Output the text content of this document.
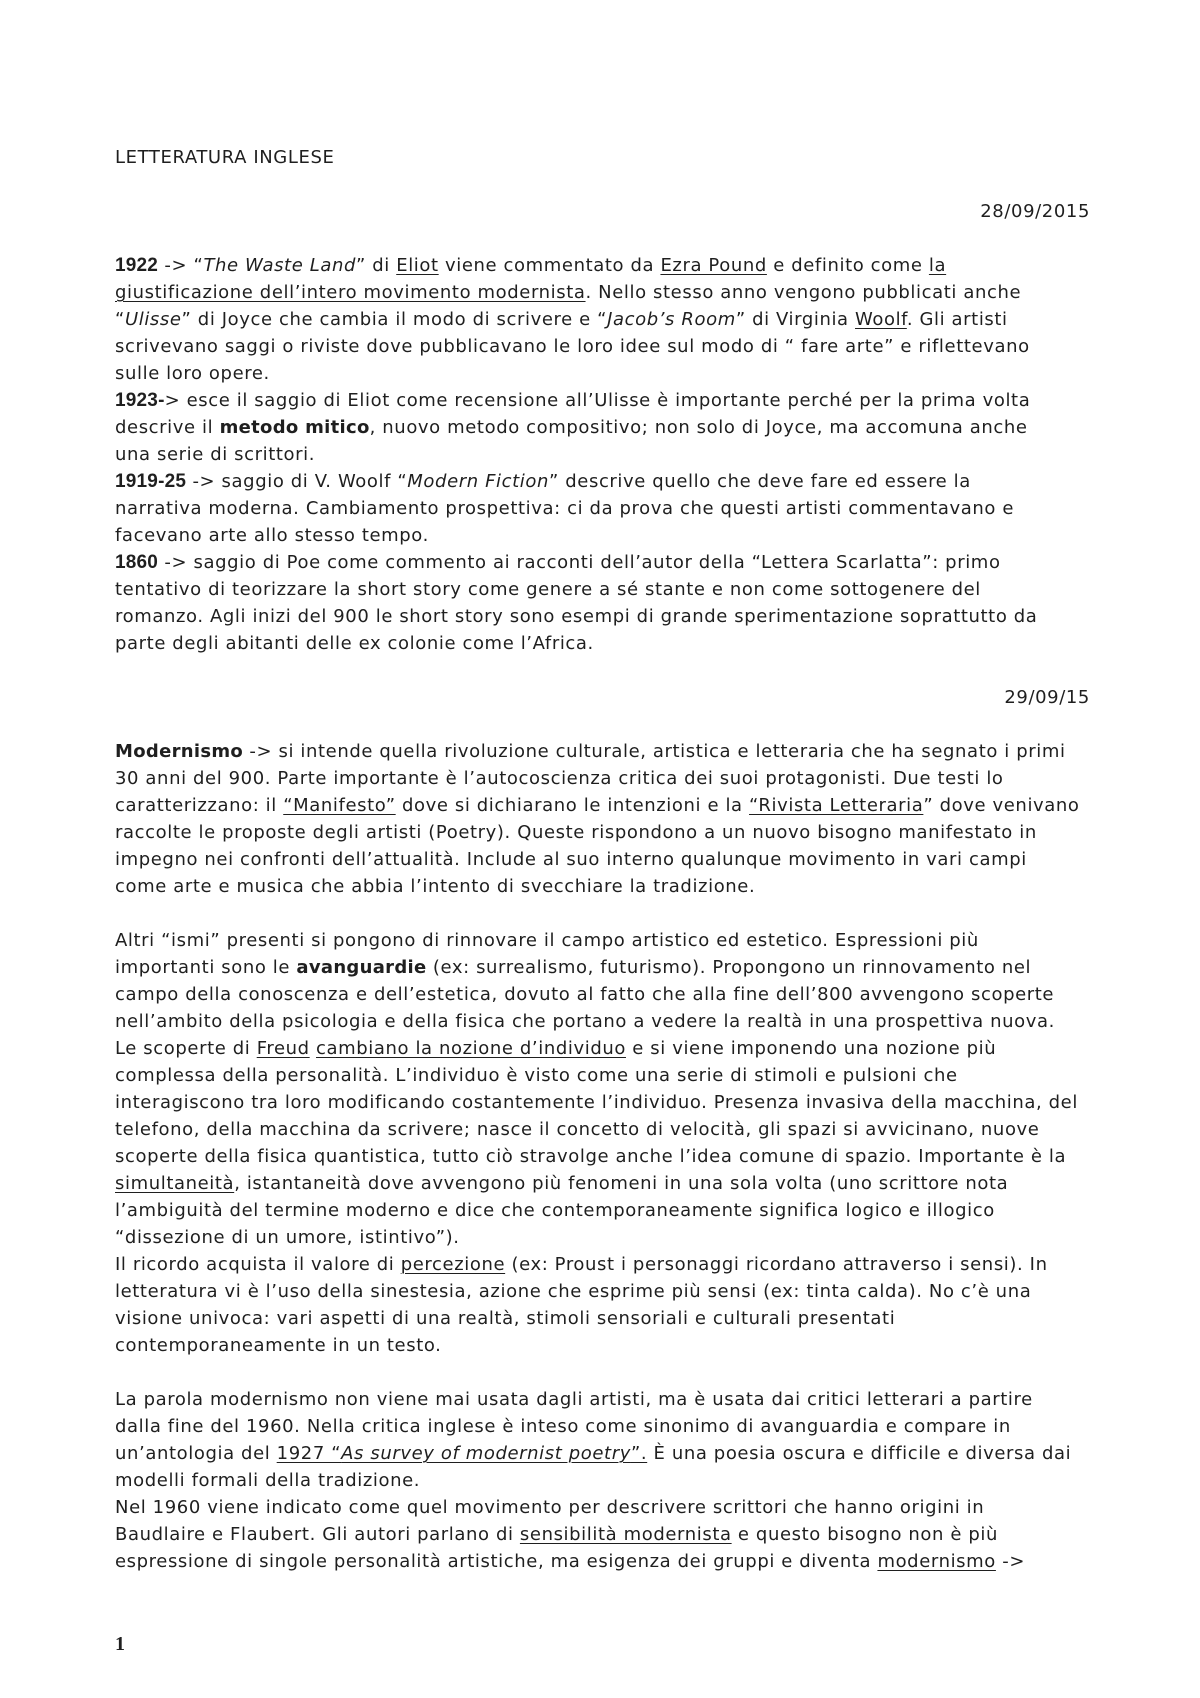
LETTERATURA INGLESE
28/09/2015
1922 -> “The Waste Land” di Eliot viene commentato da Ezra Pound e definito come la
giustificazione dell’intero movimento modernista. Nello stesso anno vengono pubblicati anche
“Ulisse” di Joyce che cambia il modo di scrivere e “Jacob’s Room” di Virginia Woolf. Gli artisti
scrivevano saggi o riviste dove pubblicavano le loro idee sul modo di “ fare arte” e riflettevano
sulle loro opere.
1923-> esce il saggio di Eliot come recensione all’Ulisse è importante perché per la prima volta
descrive il metodo mitico, nuovo metodo compositivo; non solo di Joyce, ma accomuna anche
una serie di scrittori.
1919-25 -> saggio di V. Woolf “Modern Fiction” descrive quello che deve fare ed essere la
narrativa moderna. Cambiamento prospettiva: ci da prova che questi artisti commentavano e
facevano arte allo stesso tempo.
1860 -> saggio di Poe come commento ai racconti dell’autor della “Lettera Scarlatta”: primo
tentativo di teorizzare la short story come genere a sé stante e non come sottogenere del
romanzo. Agli inizi del 900 le short story sono esempi di grande sperimentazione soprattutto da
parte degli abitanti delle ex colonie come l’Africa.
29/09/15
Modernismo -> si intende quella rivoluzione culturale, artistica e letteraria che ha segnato i primi
30 anni del 900. Parte importante è l’autocoscienza critica dei suoi protagonisti. Due testi lo
caratterizzano: il “Manifesto” dove si dichiarano le intenzioni e la “Rivista Letteraria” dove venivano
raccolte le proposte degli artisti (Poetry). Queste rispondono a un nuovo bisogno manifestato in
impegno nei confronti dell’attualità. Include al suo interno qualunque movimento in vari campi
come arte e musica che abbia l’intento di svecchiare la tradizione.
Altri “ismi” presenti si pongono di rinnovare il campo artistico ed estetico. Espressioni più
importanti sono le avanguardie (ex: surrealismo, futurismo). Propongono un rinnovamento nel
campo della conoscenza e dell’estetica, dovuto al fatto che alla fine dell’800 avvengono scoperte
nell’ambito della psicologia e della fisica che portano a vedere la realtà in una prospettiva nuova.
Le scoperte di Freud cambiano la nozione d’individuo e si viene imponendo una nozione più
complessa della personalità. L’individuo è visto come una serie di stimoli e pulsioni che
interagiscono tra loro modificando costantemente l’individuo. Presenza invasiva della macchina, del
telefono, della macchina da scrivere; nasce il concetto di velocità, gli spazi si avvicinano, nuove
scoperte della fisica quantistica, tutto ciò stravolge anche l’idea comune di spazio. Importante è la
simultaneità, istantaneità dove avvengono più fenomeni in una sola volta (uno scrittore nota
l’ambiguità del termine moderno e dice che contemporaneamente significa logico e illogico
“dissezione di un umore, istintivo”).
Il ricordo acquista il valore di percezione (ex: Proust i personaggi ricordano attraverso i sensi). In
letteratura vi è l’uso della sinestesia, azione che esprime più sensi (ex: tinta calda). No c’è una
visione univoca: vari aspetti di una realtà, stimoli sensoriali e culturali presentati
contemporaneamente in un testo.
La parola modernismo non viene mai usata dagli artisti, ma è usata dai critici letterari a partire
dalla fine del 1960. Nella critica inglese è inteso come sinonimo di avanguardia e compare in
un’antologia del 1927 “As survey of modernist poetry”. È una poesia oscura e difficile e diversa dai
modelli formali della tradizione.
Nel 1960 viene indicato come quel movimento per descrivere scrittori che hanno origini in
Baudlaire e Flaubert. Gli autori parlano di sensibilità modernista e questo bisogno non è più
espressione di singole personalità artistiche, ma esigenza dei gruppi e diventa modernismo ->
1
